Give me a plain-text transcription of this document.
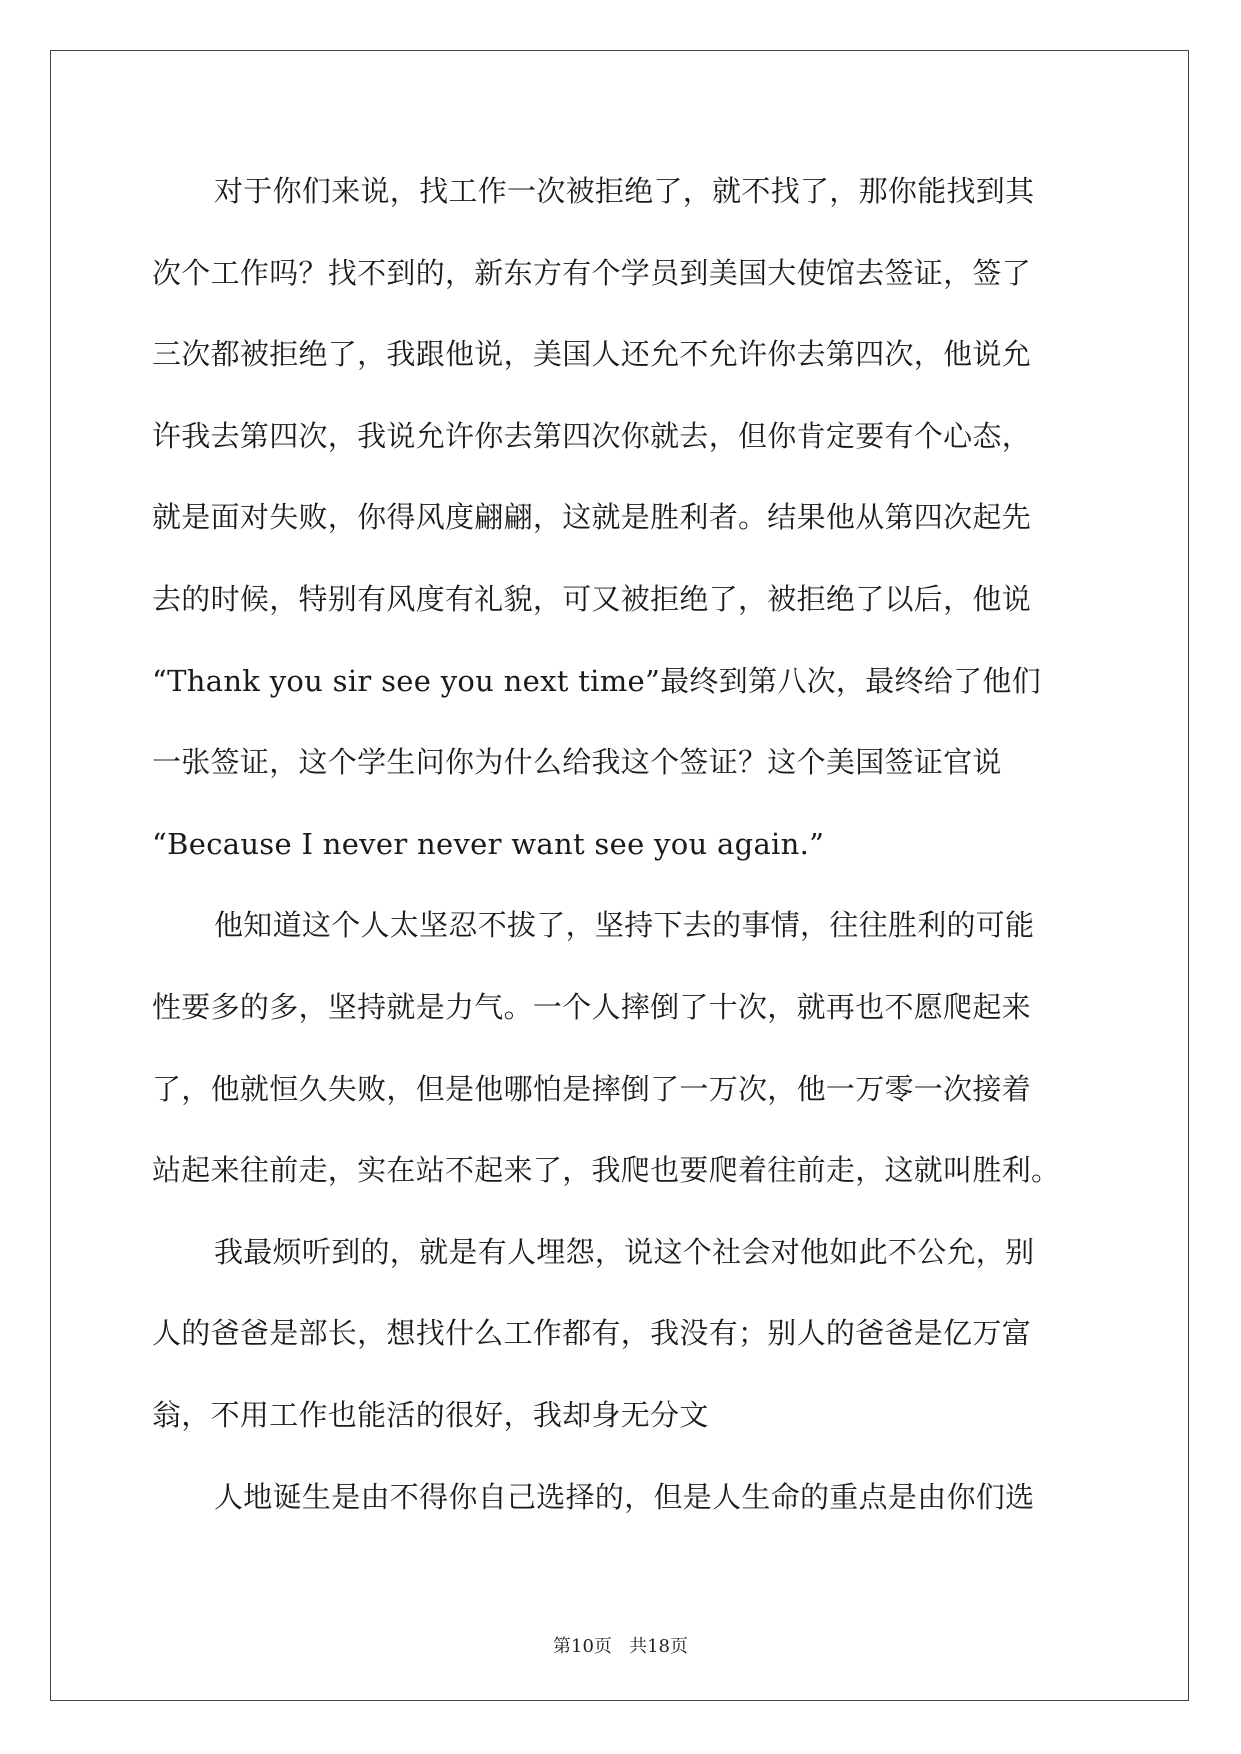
对于你们来说，找工作一次被拒绝了，就不找了，那你能找到其
次个工作吗？找不到的，新东方有个学员到美国大使馆去签证，签了
三次都被拒绝了，我跟他说，美国人还允不允许你去第四次，他说允
许我去第四次，我说允许你去第四次你就去，但你肯定要有个心态，
就是面对失败，你得风度翩翩，这就是胜利者。结果他从第四次起先
去的时候，特别有风度有礼貌，可又被拒绝了，被拒绝了以后，他说
“Thank you sir see you next time”最终到第八次，最终给了他们
一张签证，这个学生问你为什么给我这个签证？这个美国签证官说
“Because I never never want see you again.”
他知道这个人太坚忍不拔了，坚持下去的事情，往往胜利的可能
性要多的多，坚持就是力气。一个人摔倒了十次，就再也不愿爬起来
了，他就恒久失败，但是他哪怕是摔倒了一万次，他一万零一次接着
站起来往前走，实在站不起来了，我爬也要爬着往前走，这就叫胜利。
我最烦听到的，就是有人埋怨，说这个社会对他如此不公允，别
人的爸爸是部长，想找什么工作都有，我没有；别人的爸爸是亿万富
翁，不用工作也能活的很好，我却身无分文
人地诞生是由不得你自己选择的，但是人生命的重点是由你们选
第10页 共18页
